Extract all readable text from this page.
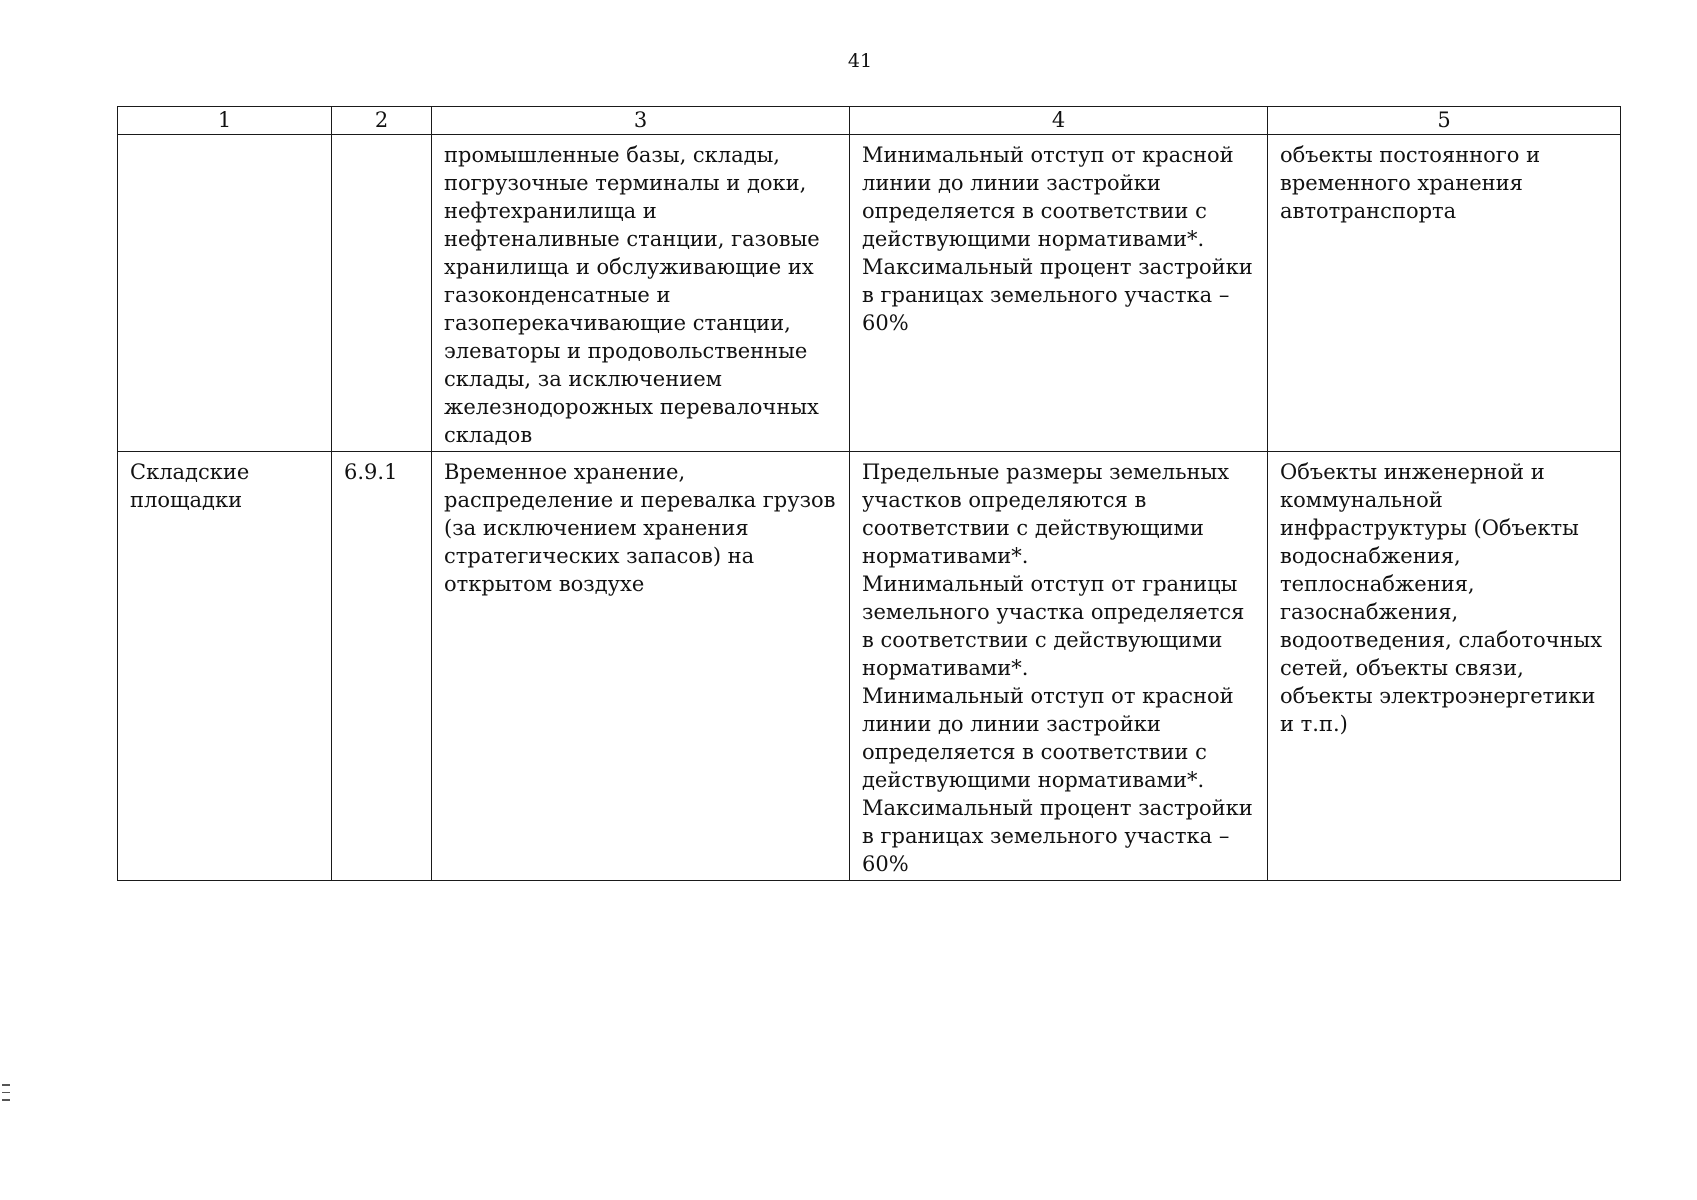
41
1	2	3	4	5

		промышленные базы, склады, погрузочные терминалы и доки, нефтехранилища и нефтеналивные станции, газовые хранилища и обслуживающие их газоконденсатные и газоперекачивающие станции, элеваторы и продовольственные склады, за исключением железнодорожных перевалочных складов	Минимальный отступ от красной линии до линии застройки определяется в соответствии с действующими нормативами*.
Максимальный процент застройки в границах земельного участка – 60%	объекты постоянного и временного хранения автотранспорта

Складские площадки	6.9.1	Временное хранение, распределение и перевалка грузов (за исключением хранения стратегических запасов) на открытом воздухе	Предельные размеры земельных участков определяются в соответствии с действующими нормативами*.
Минимальный отступ от границы земельного участка определяется в соответствии с действующими нормативами*.
Минимальный отступ от красной линии до линии застройки определяется в соответствии с действующими нормативами*.
Максимальный процент застройки в границах земельного участка – 60%	Объекты инженерной и коммунальной инфраструктуры (Объекты водоснабжения, теплоснабжения, газоснабжения, водоотведения, слаботочных сетей, объекты связи, объекты электроэнергетики и т.п.)
